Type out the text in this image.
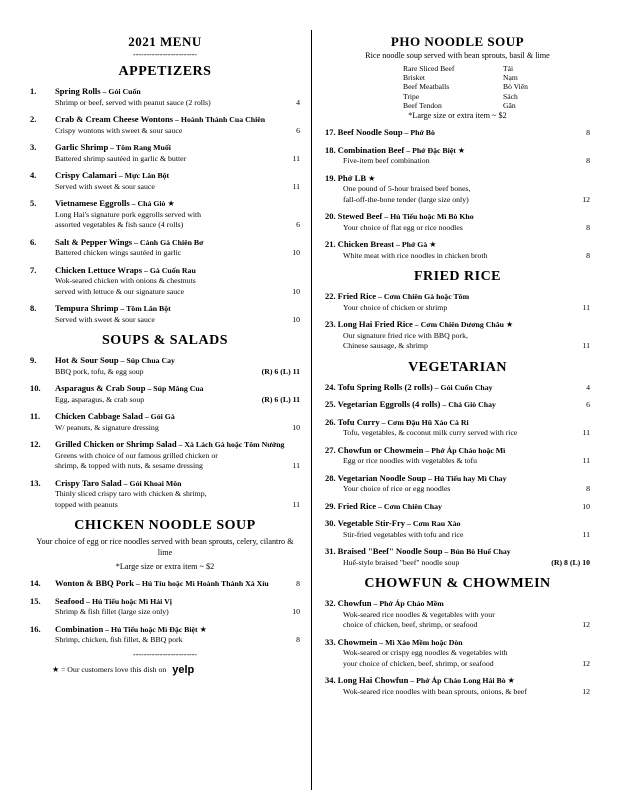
2021 MENU
------------------------
APPETIZERS
1. Spring Rolls – Gỏi Cuốn
Shrimp or beef, served with peanut sauce (2 rolls)	4
2. Crab & Cream Cheese Wontons – Hoành Thánh Cua Chiên
Crispy wontons with sweet & sour sauce	6
3. Garlic Shrimp – Tôm Rang Muối
Battered shrimp sautéed in garlic & butter	11
4. Crispy Calamari – Mực Lăn Bột
Served with sweet & sour sauce	11
5. Vietnamese Eggrolls – Chả Giò ★
Long Hai's signature pork eggrolls served with
assorted vegetables & fish sauce (4 rolls)	6
6. Salt & Pepper Wings – Cánh Gà Chiên Bơ
Battered chicken wings sautéed in garlic	10
7. Chicken Lettuce Wraps – Gà Cuốn Rau
Wok-seared chicken with onions & chestnuts
served with lettuce & our signature sauce	10
8. Tempura Shrimp – Tôm Lăn Bột
Served with sweet & sour sauce	10
SOUPS & SALADS
9. Hot & Sour Soup – Súp Chua Cay
BBQ pork, tofu, & egg soup	(R) 6 (L) 11
10. Asparagus & Crab Soup – Súp Măng Cua
Egg, asparagus, & crab soup	(R) 6 (L) 11
11. Chicken Cabbage Salad – Gỏi Gà
W/ peanuts, & signature dressing	10
12. Grilled Chicken or Shrimp Salad – Xà Lách Gà hoặc Tôm Nướng
Greens with choice of our famous grilled chicken or
shrimp, & topped with nuts, & sesame dressing	11
13. Crispy Taro Salad – Gỏi Khoai Môn
Thinly sliced crispy taro with chicken & shrimp,
topped with peanuts	11
CHICKEN NOODLE SOUP
Your choice of egg or rice noodles served with bean sprouts, celery, cilantro & lime
*Large size or extra item ~ $2
14. Wonton & BBQ Pork – Hủ Tíu hoặc Mì Hoành Thánh Xá Xíu	8
15. Seafood – Hủ Tiếu hoặc Mì Hải Vị
Shrimp & fish fillet (large size only)	10
16. Combination – Hủ Tiếu hoặc Mì Đặc Biệt ★
Shrimp, chicken, fish fillet, & BBQ pork	8
------------------------
★ = Our customers love this dish on yelp
PHO NOODLE SOUP
Rice noodle soup served with bean sprouts, basil & lime
Rare Sliced Beef	Tái
Brisket	Nạm
Beef Meatballs	Bò Viên
Tripe	Sách
Beef Tendon	Gân
*Large size or extra item ~ $2
17. Beef Noodle Soup – Phở Bò	8
18. Combination Beef – Phở Đặc Biệt ★
Five-item beef combination	8
19. Phở LB ★
One pound of 5-hour braised beef bones,
fall-off-the-bone tender (large size only)	12
20. Stewed Beef – Hủ Tiếu hoặc Mì Bò Kho
Your choice of flat egg or rice noodles	8
21. Chicken Breast – Phở Gà ★
White meat with rice noodles in chicken broth	8
FRIED RICE
22. Fried Rice – Cơm Chiên Gà hoặc Tôm
Your choice of chicken or shrimp	11
23. Long Hai Fried Rice – Cơm Chiên Dương Châu ★
Our signature fried rice with BBQ pork,
Chinese sausage, & shrimp	11
VEGETARIAN
24. Tofu Spring Rolls (2 rolls) – Gỏi Cuốn Chay	4
25. Vegetarian Eggrolls (4 rolls) – Chả Giò Chay	6
26. Tofu Curry – Cơm Đậu Hũ Xào Cà Ri
Tofu, vegetables, & coconut milk curry served with rice	11
27. Chowfun or Chowmein – Phở Áp Chảo hoặc Mì
Egg or rice noodles with vegetables & tofu	11
28. Vegetarian Noodle Soup – Hủ Tiếu hay Mì Chay
Your choice of rice or egg noodles	8
29. Fried Rice – Cơm Chiên Chay	10
30. Vegetable Stir-Fry – Cơm Rau Xào
Stir-fried vegetables with tofu and rice	11
31. Braised "Beef" Noodle Soup – Bún Bò Huế Chay
Huế-style braised "beef" noodle soup	(R) 8 (L) 10
CHOWFUN & CHOWMEIN
32. Chowfun – Phở Áp Chảo Mềm
Wok-seared rice noodles & vegetables with your
choice of chicken, beef, shrimp, or seafood	12
33. Chowmein – Mì Xào Mềm hoặc Dòn
Wok-seared or crispy egg noodles & vegetables with
your choice of chicken, beef, shrimp, or seafood	12
34. Long Hai Chowfun – Phở Áp Chảo Long Hải Bò ★
Wok-seared rice noodles with bean sprouts, onions, & beef	12
